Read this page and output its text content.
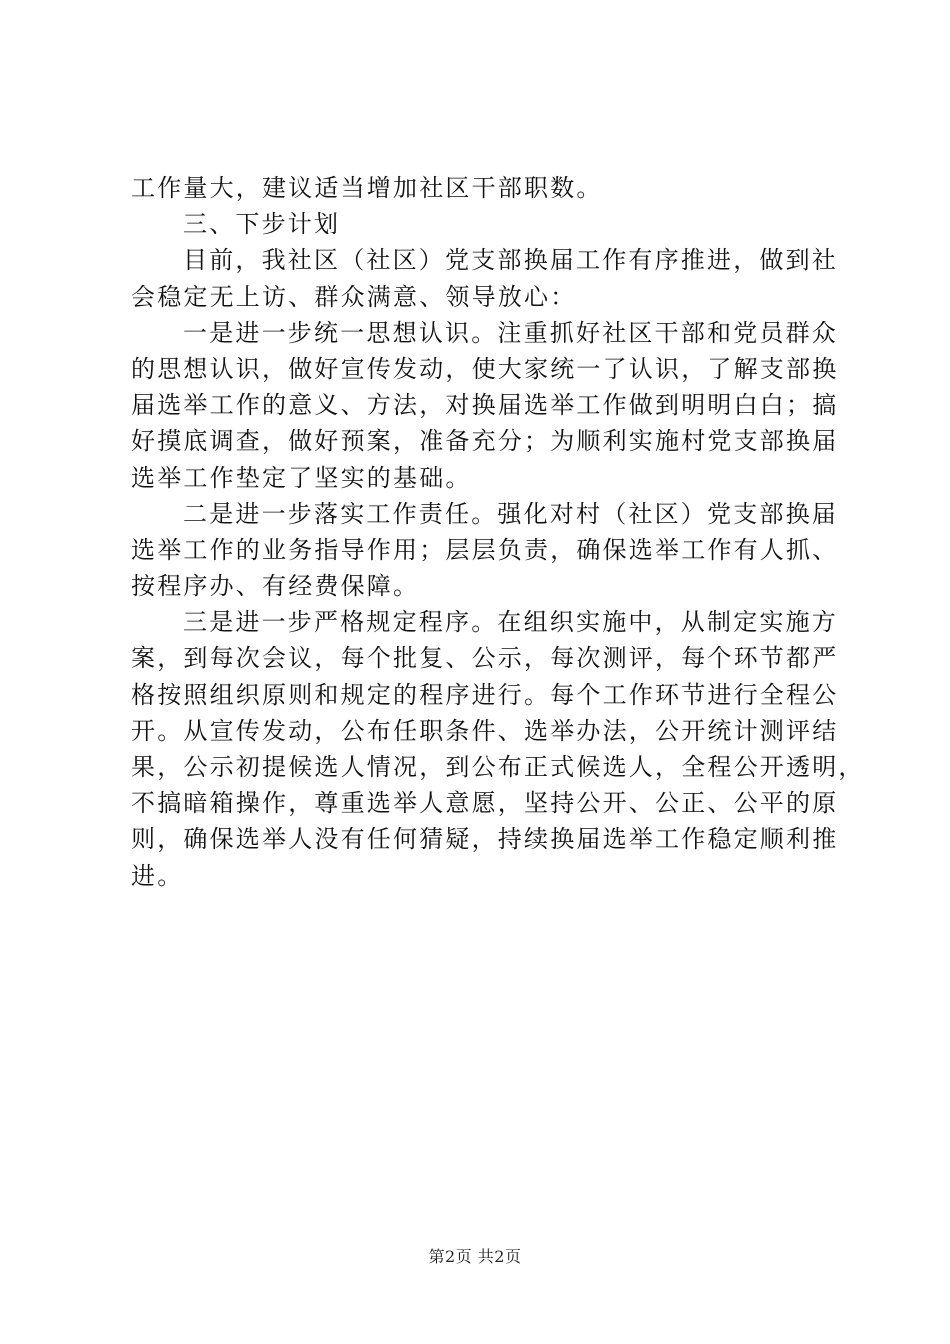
工作量大，建议适当增加社区干部职数。
三、下步计划
目前，我社区（社区）党支部换届工作有序推进，做到社
会稳定无上访、群众满意、领导放心：
一是进一步统一思想认识。注重抓好社区干部和党员群众
的思想认识，做好宣传发动，使大家统一了认识，了解支部换
届选举工作的意义、方法，对换届选举工作做到明明白白；搞
好摸底调查，做好预案，准备充分；为顺利实施村党支部换届
选举工作垫定了坚实的基础。
二是进一步落实工作责任。强化对村（社区）党支部换届
选举工作的业务指导作用；层层负责，确保选举工作有人抓、
按程序办、有经费保障。
三是进一步严格规定程序。在组织实施中，从制定实施方
案，到每次会议，每个批复、公示，每次测评，每个环节都严
格按照组织原则和规定的程序进行。每个工作环节进行全程公
开。从宣传发动，公布任职条件、选举办法，公开统计测评结
果，公示初提候选人情况，到公布正式候选人，全程公开透明，
不搞暗箱操作，尊重选举人意愿，坚持公开、公正、公平的原
则，确保选举人没有任何猜疑，持续换届选举工作稳定顺利推
进。
第2页 共2页
